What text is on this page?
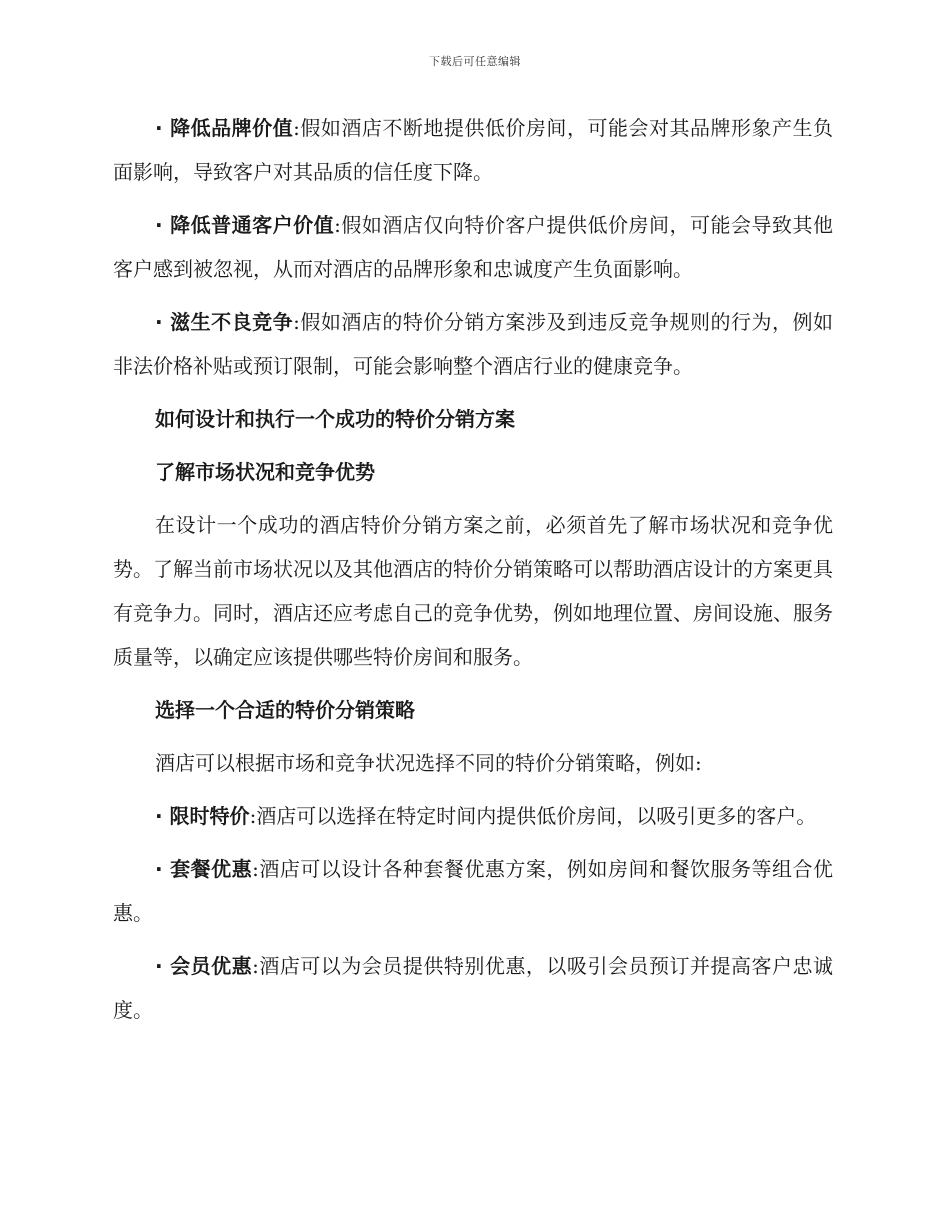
下载后可任意编辑

· 降低品牌价值:假如酒店不断地提供低价房间，可能会对其品牌形象产生负面影响，导致客户对其品质的信任度下降。

· 降低普通客户价值:假如酒店仅向特价客户提供低价房间，可能会导致其他客户感到被忽视，从而对酒店的品牌形象和忠诚度产生负面影响。

· 滋生不良竞争:假如酒店的特价分销方案涉及到违反竞争规则的行为，例如非法价格补贴或预订限制，可能会影响整个酒店行业的健康竞争。

如何设计和执行一个成功的特价分销方案

了解市场状况和竞争优势

在设计一个成功的酒店特价分销方案之前，必须首先了解市场状况和竞争优势。了解当前市场状况以及其他酒店的特价分销策略可以帮助酒店设计的方案更具有竞争力。同时，酒店还应考虑自己的竞争优势，例如地理位置、房间设施、服务质量等，以确定应该提供哪些特价房间和服务。

选择一个合适的特价分销策略

酒店可以根据市场和竞争状况选择不同的特价分销策略，例如:

· 限时特价:酒店可以选择在特定时间内提供低价房间，以吸引更多的客户。

· 套餐优惠:酒店可以设计各种套餐优惠方案，例如房间和餐饮服务等组合优惠。

· 会员优惠:酒店可以为会员提供特别优惠，以吸引会员预订并提高客户忠诚度。
